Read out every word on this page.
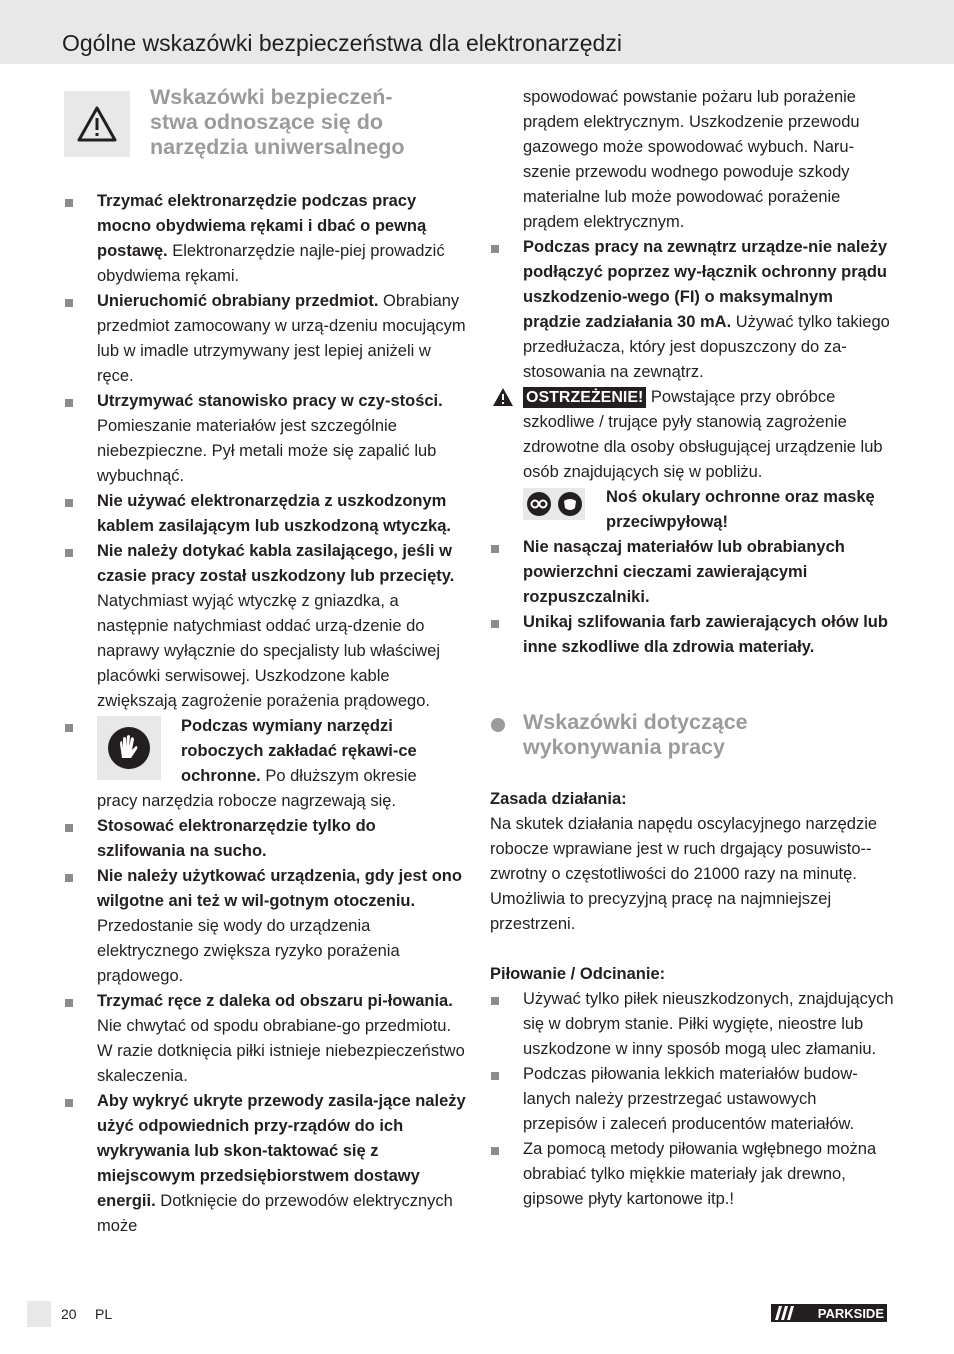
Ogólne wskazówki bezpieczeństwa dla elektronarzędzi
Wskazówki bezpieczeń-
stwa odnoszące się do
narzędzia uniwersalnego
Trzymać elektronarzędzie podczas pracy mocno obydwiema rękami i dbać o pewną postawę. Elektronarzędzie najle-piej prowadzić obydwiema rękami.
Unieruchomić obrabiany przedmiot. Obrabiany przedmiot zamocowany w urzą-dzeniu mocującym lub w imadle utrzymywany jest lepiej aniżeli w ręce.
Utrzymywać stanowisko pracy w czy-stości. Pomieszanie materiałów jest szczególnie niebezpieczne. Pył metali może się zapalić lub wybuchnąć.
Nie używać elektronarzędzia z uszkodzonym kablem zasilającym lub uszkodzoną wtyczką.
Nie należy dotykać kabla zasilającego, jeśli w czasie pracy został uszkodzony lub przecięty. Natychmiast wyjąć wtyczkę z gniazdka, a następnie natychmiast oddać urzą-dzenie do naprawy wyłącznie do specjalisty lub właściwej placówki serwisowej. Uszkodzone kable zwiększają zagrożenie porażenia prądowego.
Podczas wymiany narzędzi roboczych zakładać rękawi-ce ochronne. Po dłuższym okresie
pracy narzędzia robocze nagrzewają się.
Stosować elektronarzędzie tylko do szlifowania na sucho.
Nie należy użytkować urządzenia, gdy jest ono wilgotne ani też w wil-gotnym otoczeniu. Przedostanie się wody do urządzenia elektrycznego zwiększa ryzyko porażenia prądowego.
Trzymać ręce z daleka od obszaru pi-łowania. Nie chwytać od spodu obrabiane-go przedmiotu. W razie dotknięcia piłki istnieje niebezpieczeństwo skaleczenia.
Aby wykryć ukryte przewody zasila-jące należy użyć odpowiednich przy-rządów do ich wykrywania lub skon-taktować się z miejscowym przedsiębiorstwem dostawy energii. Dotknięcie do przewodów elektrycznych może
spowodować powstanie pożaru lub porażenie prądem elektrycznym. Uszkodzenie przewodu gazowego może spowodować wybuch. Naru-szenie przewodu wodnego powoduje szkody materialne lub może powodować porażenie prądem elektrycznym.
Podczas pracy na zewnątrz urządze-nie należy podłączyć poprzez wy-łącznik ochronny prądu uszkodzenio-wego (FI) o maksymalnym prądzie zadziałania 30 mA. Używać tylko takiego przedłużacza, który jest dopuszczony do za-stosowania na zewnątrz.
OSTRZEŻENIE! Powstające przy obróbce szkodliwe / trujące pyły stanowią zagrożenie zdrowotne dla osoby obsługującej urządzenie lub osób znajdujących się w pobliżu.
Noś okulary ochronne oraz maskę przeciwpyłową!
Nie nasączaj materiałów lub obrabianych powierzchni cieczami zawierającymi rozpuszczalniki.
Unikaj szlifowania farb zawierających ołów lub inne szkodliwe dla zdrowia materiały.
Wskazówki dotyczące
wykonywania pracy
Zasada działania:
Na skutek działania napędu oscylacyjnego narzędzie robocze wprawiane jest w ruch drgający posuwisto--zwrotny o częstotliwości do 21000 razy na minutę. Umożliwia to precyzyjną pracę na najmniejszej przestrzeni.
Piłowanie / Odcinanie:
Używać tylko piłek nieuszkodzonych, znajdujących się w dobrym stanie. Piłki wygięte, nieostre lub uszkodzone w inny sposób mogą ulec złamaniu.
Podczas piłowania lekkich materiałów budow-lanych należy przestrzegać ustawowych przepisów i zaleceń producentów materiałów.
Za pomocą metody piłowania wgłębnego można obrabiać tylko miękkie materiały jak drewno, gipsowe płyty kartonowe itp.!
20 PL	PARKSIDE
